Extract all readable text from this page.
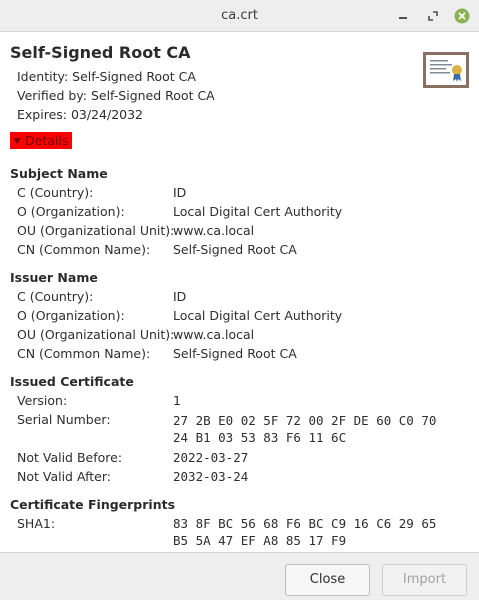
ca.crt
Self-Signed Root CA
Identity: Self-Signed Root CA
Verified by: Self-Signed Root CA
Expires: 03/24/2032
Details
Subject Name
C (Country):	ID
O (Organization):	Local Digital Cert Authority
OU (Organizational Unit):
www.ca.local
CN (Common Name): Self-Signed Root CA
Issuer Name
C (Country):	ID
O (Organization):	Local Digital Cert Authority
OU (Organizational Unit):
www.ca.local
CN (Common Name): Self-Signed Root CA
Issued Certificate
Version:	1
Serial Number:	27 2B E0 02 5F 72 00 2F DE 60 C0 70
24 B1 03 53 83 F6 11 6C
Not Valid Before:	2022-03-27
Not Valid After:	2032-03-24
Certificate Fingerprints
SHA1:	83 8F BC 56 68 F6 BC C9 16 C6 29 65
B5 5A 47 EF A8 85 17 F9
Close	Import
